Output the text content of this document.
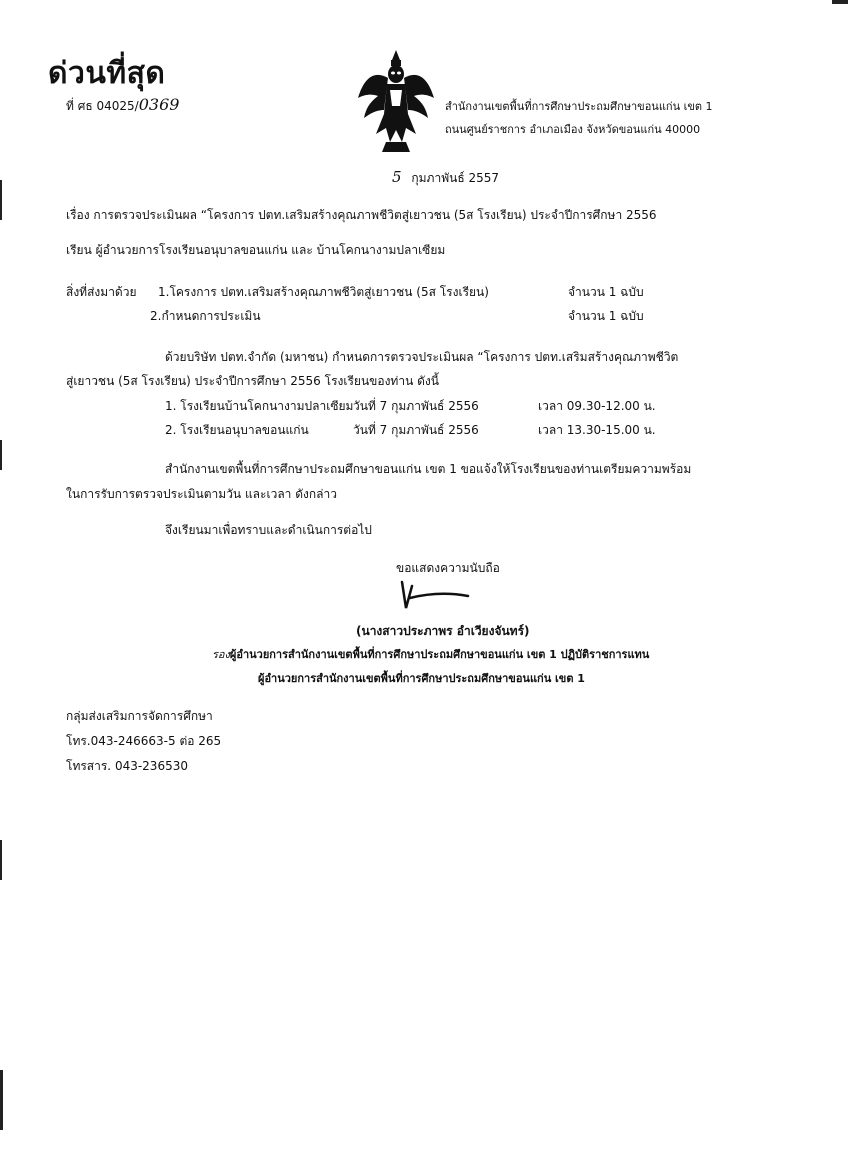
ด่วนที่สุด
ที่ ศธ 04025/0369	สำนักงานเขตพื้นที่การศึกษาประถมศึกษาขอนแก่น เขต 1
ถนนศูนย์ราชการ อำเภอเมือง จังหวัดขอนแก่น 40000
5 กุมภาพันธ์ 2557
เรื่อง การตรวจประเมินผล “โครงการ ปตท.เสริมสร้างคุณภาพชีวิตสู่เยาวชน (5ส โรงเรียน) ประจำปีการศึกษา 2556
เรียน ผู้อำนวยการโรงเรียนอนุบาลขอนแก่น และ บ้านโคกนางามปลาเซียม
สิ่งที่ส่งมาด้วย 1.โครงการ ปตท.เสริมสร้างคุณภาพชีวิตสู่เยาวชน (5ส โรงเรียน)	จำนวน 1 ฉบับ
2.กำหนดการประเมิน	จำนวน 1 ฉบับ
ด้วยบริษัท ปตท.จำกัด (มหาชน) กำหนดการตรวจประเมินผล “โครงการ ปตท.เสริมสร้างคุณภาพชีวิต
สู่เยาวชน (5ส โรงเรียน) ประจำปีการศึกษา 2556 โรงเรียนของท่าน ดังนี้
1. โรงเรียนบ้านโคกนางามปลาเซียม วันที่ 7 กุมภาพันธ์ 2556	เวลา 09.30-12.00 น.
2. โรงเรียนอนุบาลขอนแก่น	วันที่ 7 กุมภาพันธ์ 2556	เวลา 13.30-15.00 น.
สำนักงานเขตพื้นที่การศึกษาประถมศึกษาขอนแก่น เขต 1 ขอแจ้งให้โรงเรียนของท่านเตรียมความพร้อม
ในการรับการตรวจประเมินตามวัน และเวลา ดังกล่าว
จึงเรียนมาเพื่อทราบและดำเนินการต่อไป
ขอแสดงความนับถือ
(นางสาวประภาพร อำเวียงจันทร์)
รองผู้อำนวยการสำนักงานเขตพื้นที่การศึกษาประถมศึกษาขอนแก่น เขต 1 ปฏิบัติราชการแทน
ผู้อำนวยการสำนักงานเขตพื้นที่การศึกษาประถมศึกษาขอนแก่น เขต 1
กลุ่มส่งเสริมการจัดการศึกษา
โทร.043-246663-5 ต่อ 265
โทรสาร. 043-236530
